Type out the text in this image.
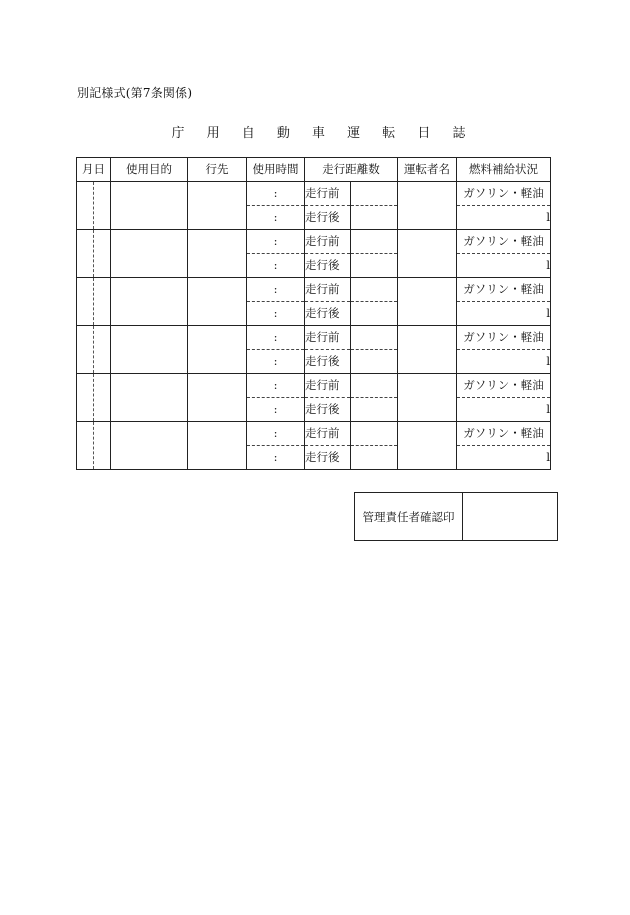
別記様式(第7条関係)
庁 用 自 動 車 運 転 日 誌
月日	使用目的	行先	使用時間	走行距離数		運転者名	燃料補給状況

			:	走行前			ガソリン・軽油
			:	走行後			l

			:	走行前			ガソリン・軽油
			:	走行後			l

			:	走行前			ガソリン・軽油
			:	走行後			l

			:	走行前			ガソリン・軽油
			:	走行後			l

			:	走行前			ガソリン・軽油
			:	走行後			l

			:	走行前			ガソリン・軽油
			:	走行後			l
管理責任者確認印	
